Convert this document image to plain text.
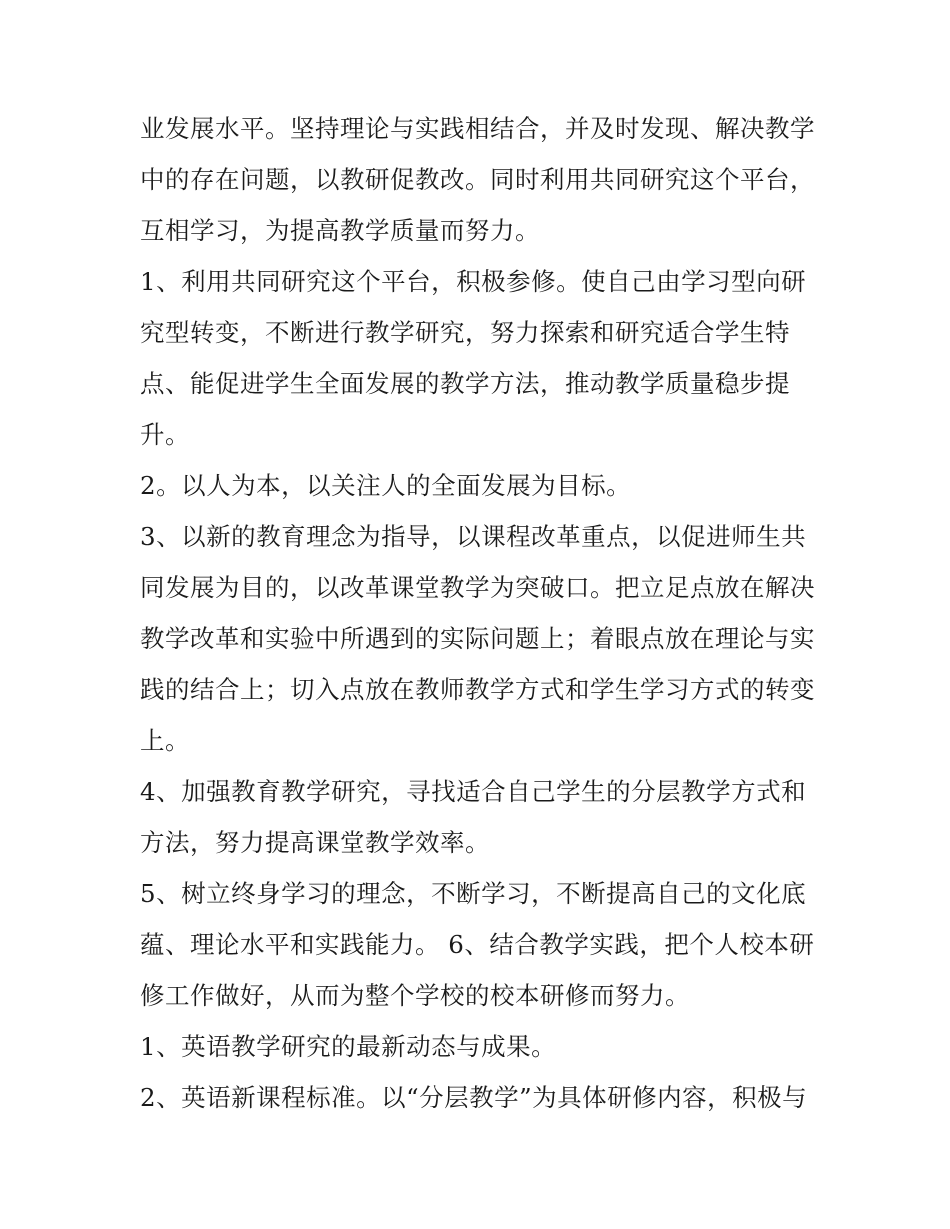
业发展水平。坚持理论与实践相结合，并及时发现、解决教学
中的存在问题，以教研促教改。同时利用共同研究这个平台，
互相学习，为提高教学质量而努力。
1、利用共同研究这个平台，积极参修。使自己由学习型向研
究型转变，不断进行教学研究，努力探索和研究适合学生特
点、能促进学生全面发展的教学方法，推动教学质量稳步提
升。
2。以人为本，以关注人的全面发展为目标。
3、以新的教育理念为指导，以课程改革重点，以促进师生共
同发展为目的，以改革课堂教学为突破口。把立足点放在解决
教学改革和实验中所遇到的实际问题上；着眼点放在理论与实
践的结合上；切入点放在教师教学方式和学生学习方式的转变
上。
4、加强教育教学研究，寻找适合自己学生的分层教学方式和
方法，努力提高课堂教学效率。
5、树立终身学习的理念，不断学习，不断提高自己的文化底
蕴、理论水平和实践能力。 6、结合教学实践，把个人校本研
修工作做好，从而为整个学校的校本研修而努力。
1、英语教学研究的最新动态与成果。
2、英语新课程标准。以“分层教学”为具体研修内容，积极与
